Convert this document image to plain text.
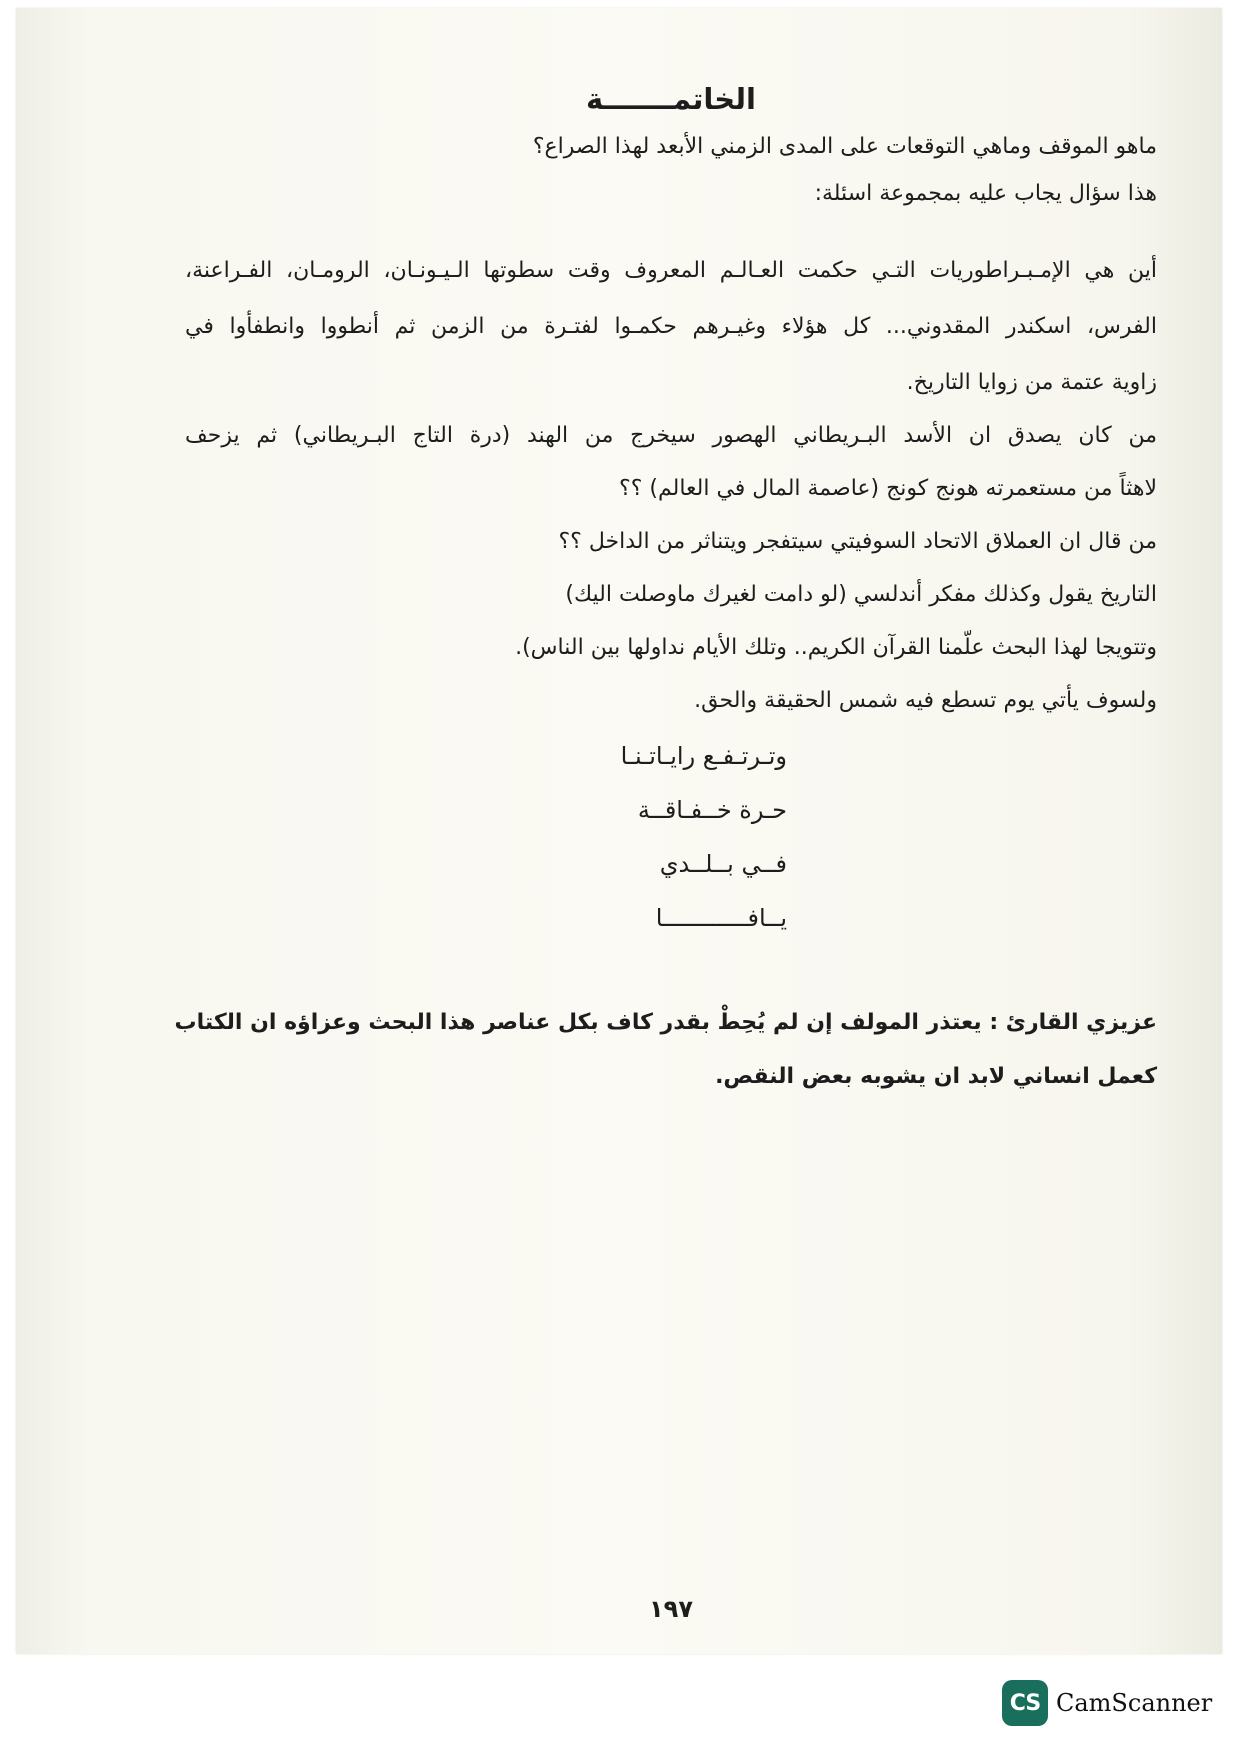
الخاتمـــــــة
ماهو الموقف وماهي التوقعات على المدى الزمني الأبعد لهذا الصراع؟
هذا سؤال يجاب عليه بمجموعة اسئلة:
أين هي الإمـبـراطوريات التـي حكمت العـالـم المعروف وقت سطوتها الـيـونـان، الرومـان، الفـراعنة،
الفرس، اسكندر المقدوني... كل هؤلاء وغيـرهم حكمـوا لفتـرة من الزمن ثم أنطووا وانطفأوا في
زاوية عتمة من زوايا التاريخ.
من كان يصدق ان الأسد البـريطاني الهصور سيخرج من الهند (درة التاج البـريطاني) ثم يزحف
لاهثاً من مستعمرته هونج كونج (عاصمة المال في العالم) ؟؟
من قال ان العملاق الاتحاد السوفيتي سيتفجر ويتناثر من الداخل ؟؟
التاريخ يقول وكذلك مفكر أندلسي (لو دامت لغيرك ماوصلت اليك)
وتتويجا لهذا البحث علّمنا القرآن الكريم.. وتلك الأيام نداولها بين الناس).
ولسوف يأتي يوم تسطع فيه شمس الحقيقة والحق.
وتـرتـفـع رايـاتـنـا
حـرة خــفـاقــة
فــي بــلــدي
يــافــــــــــــا
عزيزي القارئ : يعتذر المولف إن لم يُحِطْ بقدر كاف بكل عناصر هذا البحث وعزاؤه ان الكتاب
كعمل انساني لابد ان يشوبه بعض النقص.
١٩٧
CS CamScanner
